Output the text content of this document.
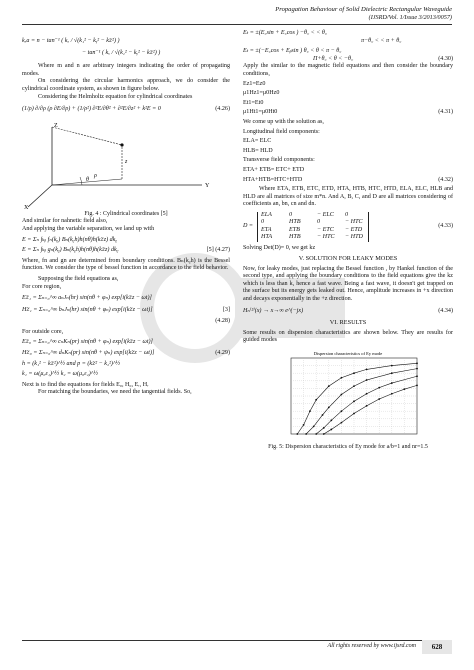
Propagation Behaviour of Solid Dielectric Rectangular Waveguide
(IJSRD/Vol. 1/Issue 3/2013/0057)
kₓa = n − tan⁻¹ ( kₓ / √(k₁² − kᵧ² − k𝑧²) )
− tan⁻¹ ( kₓ / √(k₁² − kᵧ² − k𝑧²) )

Where m and n are arbitrary integers indicating the order of propagating modes.

On considering the circular harmonics approach, we do consider the cylindrical coordinate system, as shown in figure below.

Considering the Helmholtz equation for cylindrical coordinates

(1/ρ) ∂/∂ρ (ρ ∂E/∂ρ) + (1/ρ²) ∂²E/∂θ² + ∂²E/∂z² + k²E = 0	(4.26)
Z
Y
X
θ
ρ
z
Fig. 4 : Cylindrical coordinates [5]

And similar for nahnetic field also,

And applying the variable separation, we land up with

E = Σₙ ∫ₖᵦ fₙ(kᵨ) Bₙ(kᵨh)h(nθ)h(k𝑧z) dkᵨ
E = Σₙ ∫ₖᵦ gₙ(kᵨ) Bₙ(kᵨh)h(nθ)h(k𝑧z) dkᵨ	[5] (4.27)

Where, fn and gn are determined from boundary conditions. Bₙ(kᵨh) is the Bessel function. We consider the type of bessel function in accordance to the field behavior.

Supposing the field equations as,

For core region,

E𝑧₁ = Σₙ₌₀^∞ aₙJₙ(hr) sin(nθ + φₙ) exp[i(k𝑧z − ωt)]
H𝑧₁ = Σₙ₌₀^∞ bₙJₙ(hr) sin(nθ + φₙ) exp[i(k𝑧z − ωt)]	[3]
(4.28)

For outside core,

E𝑧₀ = Σₙ₌₀^∞ cₙKₙ(pr) sin(nθ + φₙ) exp[i(k𝑧z − ωt)]
H𝑧₀ = Σₙ₌₀^∞ dₙKₙ(pr) sin(nθ + ψₙ) exp[i(k𝑧z − ωt)]	(4.29)
h = (k₁² − k𝑧²)^½ and p = (k𝑧² − k₂²)^½
k₁ = ω(μ₀ε₁)^½ k₂ = ω(μ₀ε₂)^½

Next is to find the equations for fields E₀, H₀, Eᵣ, Hᵣ

For matching the boundaries, we need the tangential fields. So,

Eₜ = ±(E꜀sin + E꜀cos ) −θ꜀ < < θ꜀
π−θ꜀ < < π + θ꜀
Eₜ = ±(−E꜀cos + Eᵦsin ) θ꜀ < θ < π − θ꜀
Π+θ꜀ < θ < −θ꜀	(4.30)

Apply the similar to the magnetic field equations and then consider the boundary conditions,

Ez1=Ez0
μ1Hz1=μ0Hz0
Et1=Et0
μ1Ht1=μ0Ht0	(4.31)

We come up with the solution as,

Longitudinal field components:

ELA= ELC
HLB= HLD

Transverse field components:

ETA+ ETB= ETC+ ETD
HTA+HTB=HTC+HTD	(4.32)

Where ETA, ETB, ETC, ETD, HTA, HTB, HTC, HTD, ELA, ELC, HLB and HLD are all matrices of size m*n. And A, B, C, and D are all matrices considering of coefficients an, bn, cn and dn.

D =
ELA	0	− ELC	0
0	HTB	0	− HTC
ETA	ETB	− ETC	− ETD
HTA	HTB	− HTC	− HTD
(4.33)

Solving Det(D)= 0, we get kz

V. SOLUTION FOR LEAKY MODES

Now, for leaky modes, just replacing the Bessel function , by Hankel function of the second type, and applying the boundary conditions to the field equations give the kz which is less than k, hence a fast wave. Being a fast wave, it doesn't get trapped on the surface but its energy gets leaked out. Hence, amplitude increases in +x direction and decays exponentially in the +z direction.

Hₙ⁽²⁾(x) → x→∞ e^(−jx)	(4.34)
VI. RESULTS

Some results on dispersion characteristics are shown below. They are results for guided modes

Dispersion characteristics of Ey mode
Fig. 5: Dispersion characteristics of Ey mode for a/b=1 and nr=1.5
All rights reserved by www.ijsrd.com	628
